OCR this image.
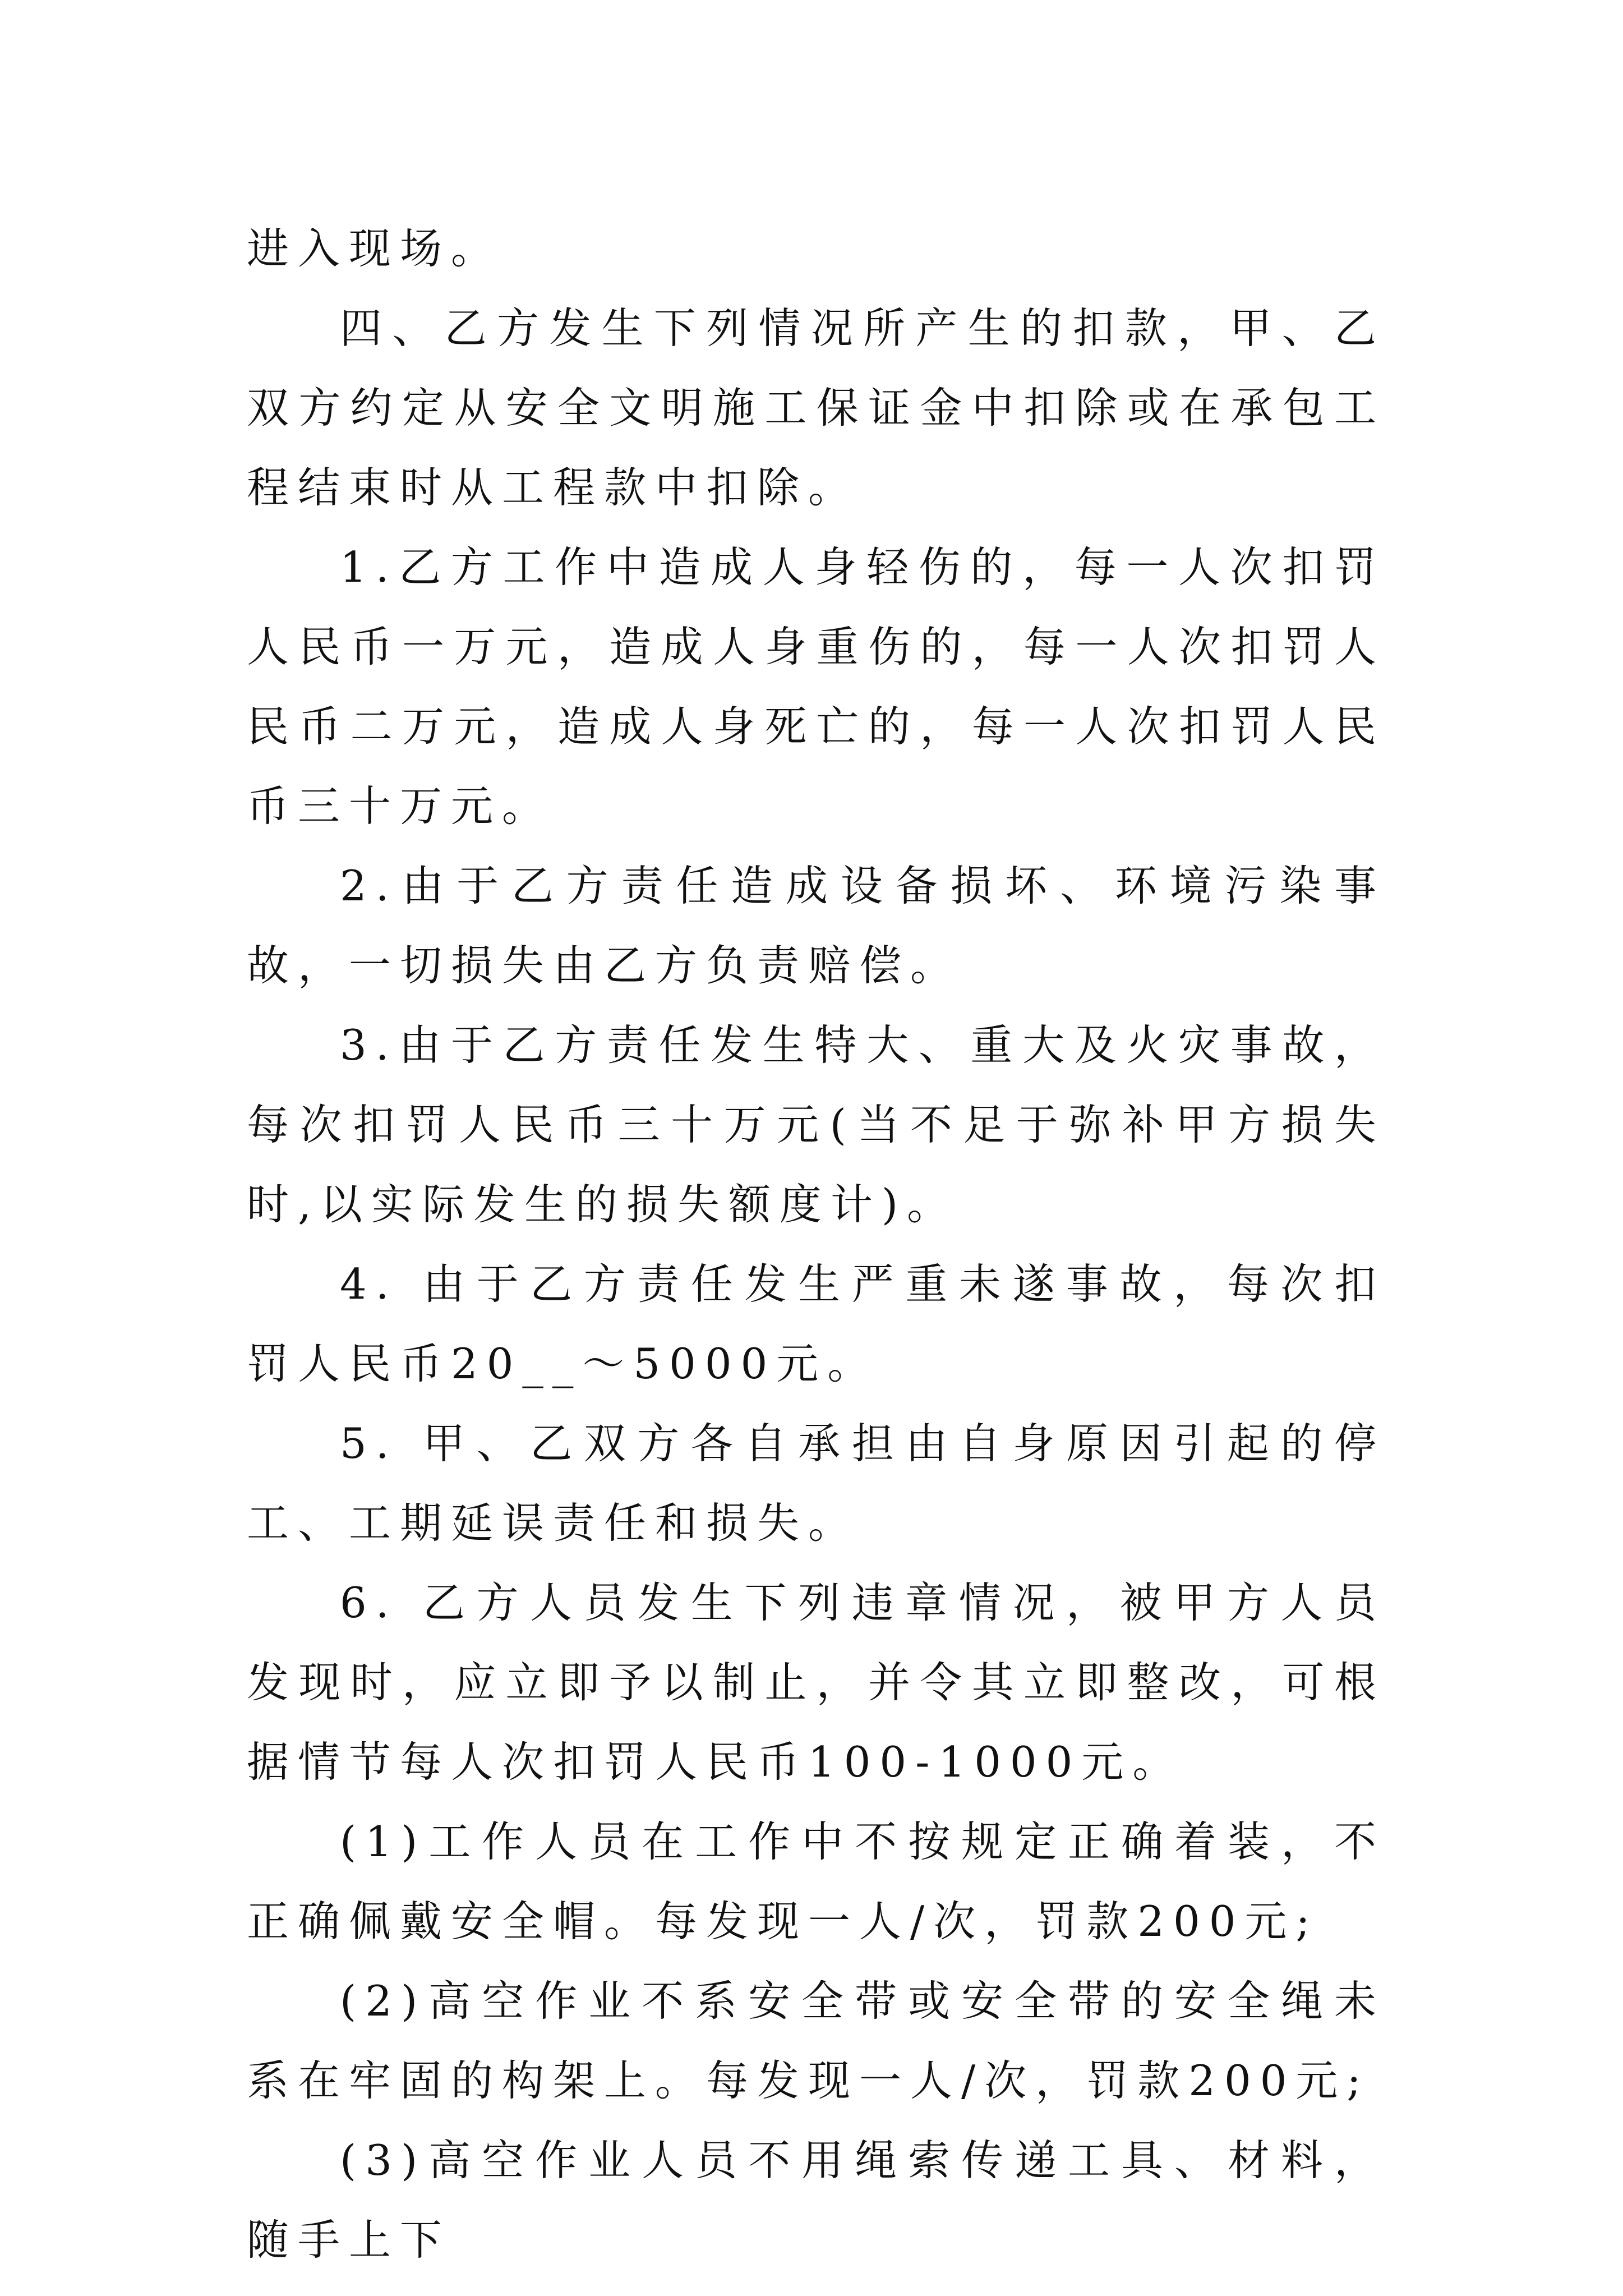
进入现场。

四、乙方发生下列情况所产生的扣款，甲、乙双方约定从安全文明施工保证金中扣除或在承包工程结束时从工程款中扣除。

1.乙方工作中造成人身轻伤的，每一人次扣罚人民币一万元，造成人身重伤的，每一人次扣罚人民币二万元，造成人身死亡的，每一人次扣罚人民币三十万元。

2.由于乙方责任造成设备损坏、环境污染事故，一切损失由乙方负责赔偿。

3.由于乙方责任发生特大、重大及火灾事故，每次扣罚人民币三十万元(当不足于弥补甲方损失时,以实际发生的损失额度计)。

4. 由于乙方责任发生严重未遂事故，每次扣罚人民币20__～5000元。

5. 甲、乙双方各自承担由自身原因引起的停工、工期延误责任和损失。

6. 乙方人员发生下列违章情况，被甲方人员发现时，应立即予以制止，并令其立即整改，可根据情节每人次扣罚人民币100-1000元。

(1)工作人员在工作中不按规定正确着装，不正确佩戴安全帽。每发现一人/次，罚款200元;

(2)高空作业不系安全带或安全带的安全绳未系在牢固的构架上。每发现一人/次，罚款200元;

(3)高空作业人员不用绳索传递工具、材料，随手上下
